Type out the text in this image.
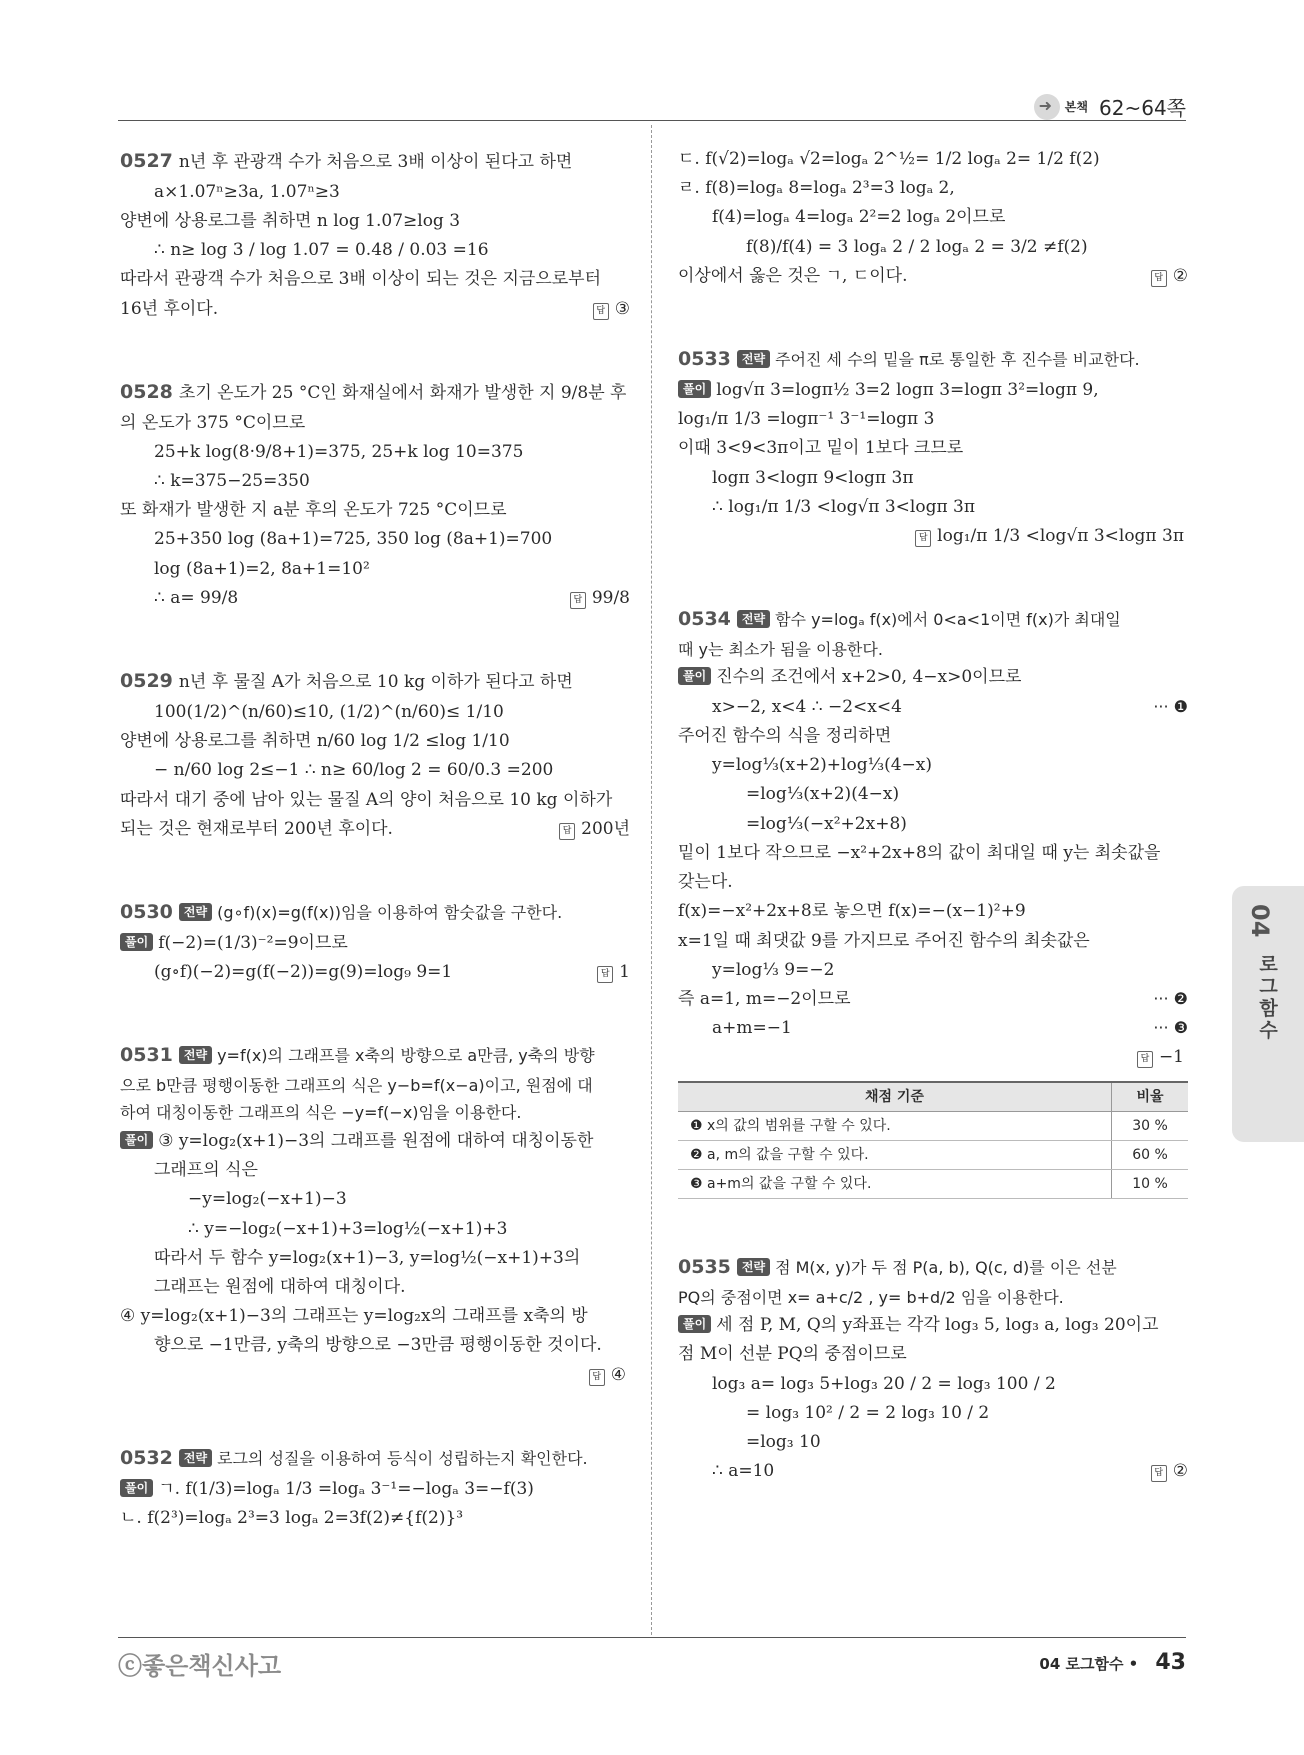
➜ 본책 62~64쪽
0527 n년 후 관광객 수가 처음으로 3배 이상이 된다고 하면
a×1.07ⁿ≥3a, 1.07ⁿ≥3
양변에 상용로그를 취하면 n log 1.07≥log 3
∴ n≥ log 3 / log 1.07 = 0.48 / 0.03 =16
따라서 관광객 수가 처음으로 3배 이상이 되는 것은 지금으로부터
16년 후이다.	답 ③
0528 초기 온도가 25 °C인 화재실에서 화재가 발생한 지 9/8분 후
의 온도가 375 °C이므로
25+k log(8·9/8+1)=375, 25+k log 10=375
∴ k=375−25=350
또 화재가 발생한 지 a분 후의 온도가 725 °C이므로
25+350 log (8a+1)=725, 350 log (8a+1)=700
log (8a+1)=2, 8a+1=10²
∴ a= 99/8	답 99/8
0529 n년 후 물질 A가 처음으로 10 kg 이하가 된다고 하면
100(1/2)^(n/60)≤10, (1/2)^(n/60)≤ 1/10
양변에 상용로그를 취하면 n/60 log 1/2 ≤log 1/10
− n/60 log 2≤−1 ∴ n≥ 60/log 2 = 60/0.3 =200
따라서 대기 중에 남아 있는 물질 A의 양이 처음으로 10 kg 이하가
되는 것은 현재로부터 200년 후이다.	답 200년
0530 전략 (g∘f)(x)=g(f(x))임을 이용하여 함숫값을 구한다.
풀이 f(−2)=(1/3)⁻²=9이므로
(g∘f)(−2)=g(f(−2))=g(9)=log₉ 9=1	답 1
0531 전략 y=f(x)의 그래프를 x축의 방향으로 a만큼, y축의 방향
으로 b만큼 평행이동한 그래프의 식은 y−b=f(x−a)이고, 원점에 대
하여 대칭이동한 그래프의 식은 −y=f(−x)임을 이용한다.
풀이 ③ y=log₂(x+1)−3의 그래프를 원점에 대하여 대칭이동한
그래프의 식은
−y=log₂(−x+1)−3
∴ y=−log₂(−x+1)+3=log½(−x+1)+3
따라서 두 함수 y=log₂(x+1)−3, y=log½(−x+1)+3의
그래프는 원점에 대하여 대칭이다.
④ y=log₂(x+1)−3의 그래프는 y=log₂x의 그래프를 x축의 방
향으로 −1만큼, y축의 방향으로 −3만큼 평행이동한 것이다.
답 ④
0532 전략 로그의 성질을 이용하여 등식이 성립하는지 확인한다.
풀이 ㄱ. f(1/3)=logₐ 1/3 =logₐ 3⁻¹=−logₐ 3=−f(3)
ㄴ. f(2³)=logₐ 2³=3 logₐ 2=3f(2)≠{f(2)}³
ㄷ. f(√2)=logₐ √2=logₐ 2^½= 1/2 logₐ 2= 1/2 f(2)
ㄹ. f(8)=logₐ 8=logₐ 2³=3 logₐ 2,
f(4)=logₐ 4=logₐ 2²=2 logₐ 2이므로
f(8)/f(4) = 3 logₐ 2 / 2 logₐ 2 = 3/2 ≠f(2)
이상에서 옳은 것은 ㄱ, ㄷ이다.	답 ②
0533 전략 주어진 세 수의 밑을 π로 통일한 후 진수를 비교한다.
풀이 log√π 3=logπ½ 3=2 logπ 3=logπ 3²=logπ 9,
log₁/π 1/3 =logπ⁻¹ 3⁻¹=logπ 3
이때 3<9<3π이고 밑이 1보다 크므로
logπ 3<logπ 9<logπ 3π
∴ log₁/π 1/3 <log√π 3<logπ 3π
답 log₁/π 1/3 <log√π 3<logπ 3π
0534 전략 함수 y=logₐ f(x)에서 0<a<1이면 f(x)가 최대일
때 y는 최소가 됨을 이용한다.
풀이 진수의 조건에서 x+2>0, 4−x>0이므로
x>−2, x<4 ∴ −2<x<4	··· ❶
주어진 함수의 식을 정리하면
y=log⅓(x+2)+log⅓(4−x)
=log⅓(x+2)(4−x)
=log⅓(−x²+2x+8)
밑이 1보다 작으므로 −x²+2x+8의 값이 최대일 때 y는 최솟값을
갖는다.
f(x)=−x²+2x+8로 놓으면 f(x)=−(x−1)²+9
x=1일 때 최댓값 9를 가지므로 주어진 함수의 최솟값은
y=log⅓ 9=−2
즉 a=1, m=−2이므로	··· ❷
a+m=−1	··· ❸
답 −1
채점 기준	비율
❶ x의 값의 범위를 구할 수 있다.	30 %
❷ a, m의 값을 구할 수 있다.	60 %
❸ a+m의 값을 구할 수 있다.	10 %
0535 전략 점 M(x, y)가 두 점 P(a, b), Q(c, d)를 이은 선분
PQ의 중점이면 x= a+c/2 , y= b+d/2 임을 이용한다.
풀이 세 점 P, M, Q의 y좌표는 각각 log₃ 5, log₃ a, log₃ 20이고
점 M이 선분 PQ의 중점이므로
log₃ a= log₃ 5+log₃ 20 / 2 = log₃ 100 / 2
= log₃ 10² / 2 = 2 log₃ 10 / 2
=log₃ 10
∴ a=10	답 ②
04
로그함수
ⓒ좋은책신사고	04 로그함수 • 43
